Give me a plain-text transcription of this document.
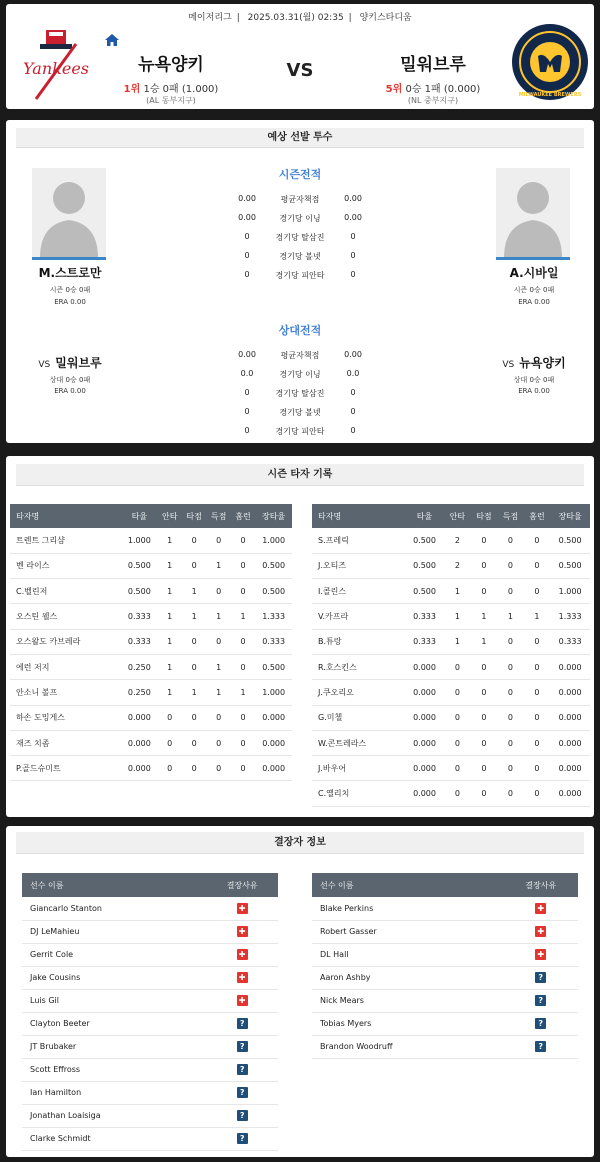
메이저리그 | 2025.03.31(월) 02:35 | 양키스타디움
Yankees	뉴욕양키
1위 1승 0패 (1.000)
(AL 동부지구)
VS	밀워브루
5위 0승 1패 (0.000)
(NL 중부지구)
MILWAUKEE BREWERS
예상 선발 투수
M.스트로만
시즌 0승 0패
ERA 0.00
A.시바일
시즌 0승 0패
ERA 0.00
시즌전적
0.00	평균자책점	0.00
0.00	경기당 이닝	0.00
0	경기당 탈삼진	0
0	경기당 볼넷	0
0	경기당 피안타	0
상대전적
0.00	평균자책점	0.00
0.0	경기당 이닝	0.0
0	경기당 탈삼진	0
0	경기당 볼넷	0
0	경기당 피안타	0
VS 밀워브루
상대 0승 0패
ERA 0.00
VS 뉴욕양키
상대 0승 0패
ERA 0.00
시즌 타자 기록
타자명	타율	안타	타점	득점	홈런	장타율
트렌트 그리샴	1.000	1	0	0	0	1.000
벤 라이스	0.500	1	0	1	0	0.500
C.벨린저	0.500	1	1	0	0	0.500
오스틴 웰스	0.333	1	1	1	1	1.333
오스왈도 카브레라	0.333	1	0	0	0	0.333
에런 저지	0.250	1	0	1	0	0.500
안소니 볼프	0.250	1	1	1	1	1.000
하손 도밍게스	0.000	0	0	0	0	0.000
재즈 치좀	0.000	0	0	0	0	0.000
P.골드슈미트	0.000	0	0	0	0	0.000
타자명	타율	안타	타점	득점	홈런	장타율
S.프레릭	0.500	2	0	0	0	0.500
J.오티즈	0.500	2	0	0	0	0.500
I.콜린스	0.500	1	0	0	0	1.000
V.카프라	0.333	1	1	1	1	1.333
B.튜랑	0.333	1	1	0	0	0.333
R.호스킨스	0.000	0	0	0	0	0.000
J.쿠오리오	0.000	0	0	0	0	0.000
G.미첼	0.000	0	0	0	0	0.000
W.콘트레라스	0.000	0	0	0	0	0.000
J.바우어	0.000	0	0	0	0	0.000
C.옐리치	0.000	0	0	0	0	0.000
결장자 정보
선수 이름	결장사유
Giancarlo Stanton	✚
DJ LeMahieu	✚
Gerrit Cole	✚
Jake Cousins	✚
Luis Gil	✚
Clayton Beeter	?
JT Brubaker	?
Scott Effross	?
Ian Hamilton	?
Jonathan Loaisiga	?
Clarke Schmidt	?
선수 이름	결장사유
Blake Perkins	✚
Robert Gasser	✚
DL Hall	✚
Aaron Ashby	?
Nick Mears	?
Tobias Myers	?
Brandon Woodruff	?
